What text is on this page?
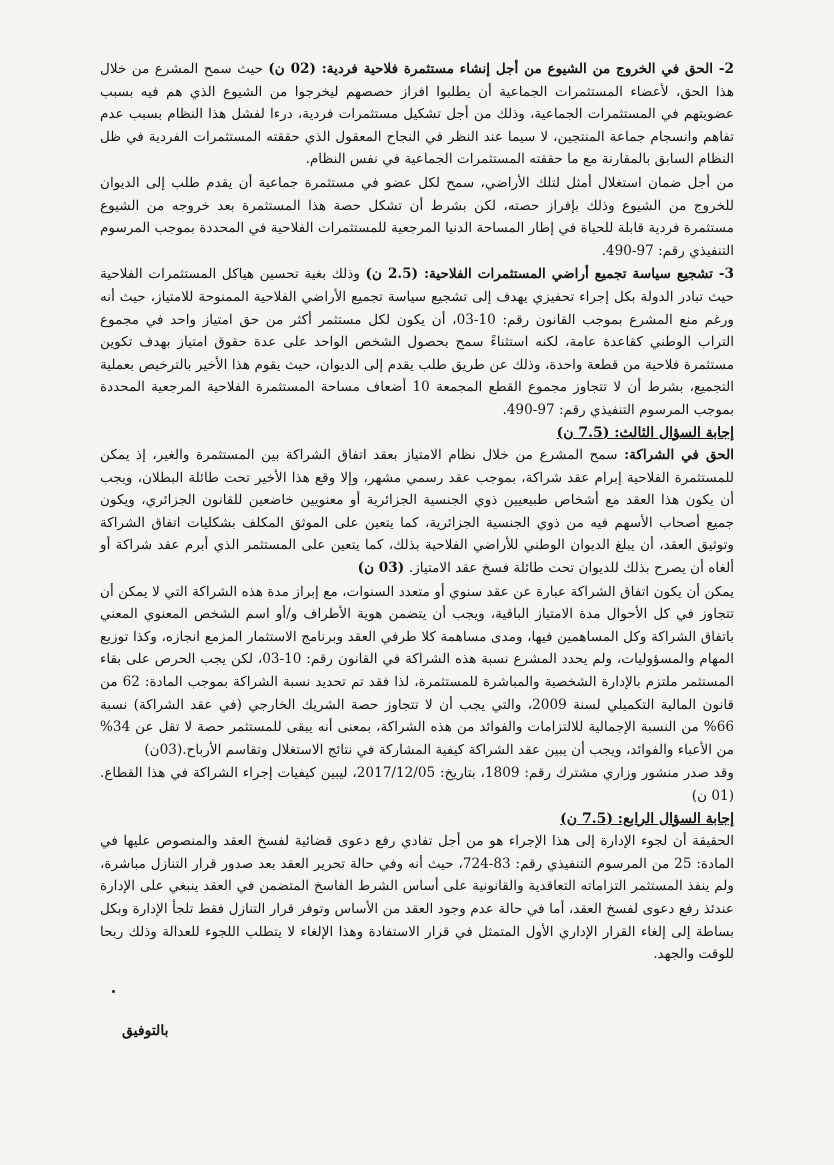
2- الحق في الخروج من الشيوع من أجل إنشاء مستثمرة فلاحية فردية: (02 ن) حيث سمح المشرع من خلال هذا الحق، لأعضاء المستثمرات الجماعية أن يطلبوا افراز حصصهم ليخرجوا من الشيوع الذي هم فيه بسبب عضويتهم في المستثمرات الجماعية، وذلك من أجل تشكيل مستثمرات فردية، درءا لفشل هذا النظام بسبب عدم تفاهم وانسجام جماعة المنتجين، لا سيما عند النظر في النجاح المعقول الذي حققته المستثمرات الفردية في ظل النظام السابق بالمقارنة مع ما حققته المستثمرات الجماعية في نفس النظام.

من أجل ضمان استغلال أمثل لتلك الأراضي، سمح لكل عضو في مستثمرة جماعية أن يقدم طلب إلى الديوان للخروج من الشيوع وذلك بإفراز حصته، لكن بشرط أن تشكل حصة هذا المستثمرة بعد خروجه من الشيوع مستثمرة فردية قابلة للحياة في إطار المساحة الدنيا المرجعية للمستثمرات الفلاحية في المحددة بموجب المرسوم التنفيذي رقم: 97-490.

3- تشجيع سياسة تجميع أراضي المستثمرات الفلاحية: (2.5 ن) وذلك بغية تحسين هياكل المستثمرات الفلاحية حيث تبادر الدولة بكل إجراء تحفيزي يهدف إلى تشجيع سياسة تجميع الأراضي الفلاحية الممنوحة للامتياز، حيث أنه ورغم منع المشرع بموجب القانون رقم: 10-03، أن يكون لكل مستثمر أكثر من حق امتياز واحد في مجموع التراب الوطني كقاعدة عامة، لكنه استثناءً سمح بحصول الشخص الواحد على عدة حقوق امتياز بهدف تكوين مستثمرة فلاحية من قطعة واحدة، وذلك عن طريق طلب يقدم إلى الديوان، حيث يقوم هذا الأخير بالترخيص بعملية التجميع، بشرط أن لا تتجاوز مجموع القطع المجمعة 10 أضعاف مساحة المستثمرة الفلاحية المرجعية المحددة بموجب المرسوم التنفيذي رقم: 97-490.

إجابة السؤال الثالث: (7.5 ن)

الحق في الشراكة: سمح المشرع من خلال نظام الامتياز بعقد اتفاق الشراكة بين المستثمرة والغير، إذ يمكن للمستثمرة الفلاحية إبرام عقد شراكة، بموجب عقد رسمي مشهر، وإلا وقع هذا الأخير تحت طائلة البطلان، ويجب أن يكون هذا العقد مع أشخاص طبيعيين ذوي الجنسية الجزائرية أو معنويين خاضعين للقانون الجزائري، ويكون جميع أصحاب الأسهم فيه من ذوي الجنسية الجزائرية، كما يتعين على الموثق المكلف بشكليات اتفاق الشراكة وتوثيق العقد، أن يبلغ الديوان الوطني للأراضي الفلاحية بذلك، كما يتعين على المستثمر الذي أبرم عقد شراكة أو ألغاه أن يصرح بذلك للديوان تحت طائلة فسخ عقد الامتياز. (03 ن)

يمكن أن يكون اتفاق الشراكة عبارة عن عقد سنوي أو متعدد السنوات، مع إبراز مدة هذه الشراكة التي لا يمكن أن تتجاوز في كل الأحوال مدة الامتياز الباقية، ويجب أن يتضمن هوية الأطراف و/أو اسم الشخص المعنوي المعني باتفاق الشراكة وكل المساهمين فيها، ومدى مساهمة كلا طرفي العقد وبرنامج الاستثمار المزمع انجازه، وكذا توزيع المهام والمسؤوليات، ولم يحدد المشرع نسبة هذه الشراكة في القانون رقم: 10-03، لكن يجب الحرص على بقاء المستثمر ملتزم بالإدارة الشخصية والمباشرة للمستثمرة، لذا فقد تم تحديد نسبة الشراكة بموجب المادة: 62 من قانون المالية التكميلي لسنة 2009، والتي يجب أن لا تتجاوز حصة الشريك الخارجي (في عقد الشراكة) نسبة 66% من النسبة الإجمالية للالتزامات والفوائد من هذه الشراكة، بمعنى أنه يبقى للمستثمر حصة لا تقل عن 34% من الأعباء والفوائد، ويجب أن يبين عقد الشراكة كيفية المشاركة في نتائج الاستغلال وتقاسم الأرباح.(03ن)

وقد صدر منشور وزاري مشترك رقم: 1809، بتاريخ: 2017/12/05، ليبين كيفيات إجراء الشراكة في هذا القطاع. (01 ن)

إجابة السؤال الرابع: (7.5 ن)

الحقيقة أن لجوء الإدارة إلى هذا الإجراء هو من أجل تفادي رفع دعوى قضائية لفسخ العقد والمنصوص عليها في المادة: 25 من المرسوم التنفيذي رقم: 83-724، حيث أنه وفي حالة تحرير العقد بعد صدور قرار التنازل مباشرة، ولم ينفذ المستثمر التزاماته التعاقدية والقانونية على أساس الشرط الفاسخ المتضمن في العقد ينبغي على الإدارة عندئذ رفع دعوى لفسخ العقد، أما في حالة عدم وجود العقد من الأساس وتوفر قرار التنازل فقط تلجأ الإدارة وبكل بساطة إلى إلغاء القرار الإداري الأول المتمثل في قرار الاستفادة وهذا الإلغاء لا يتطلب اللجوء للعدالة وذلك ربحا للوقت والجهد.

بالتوفيق
